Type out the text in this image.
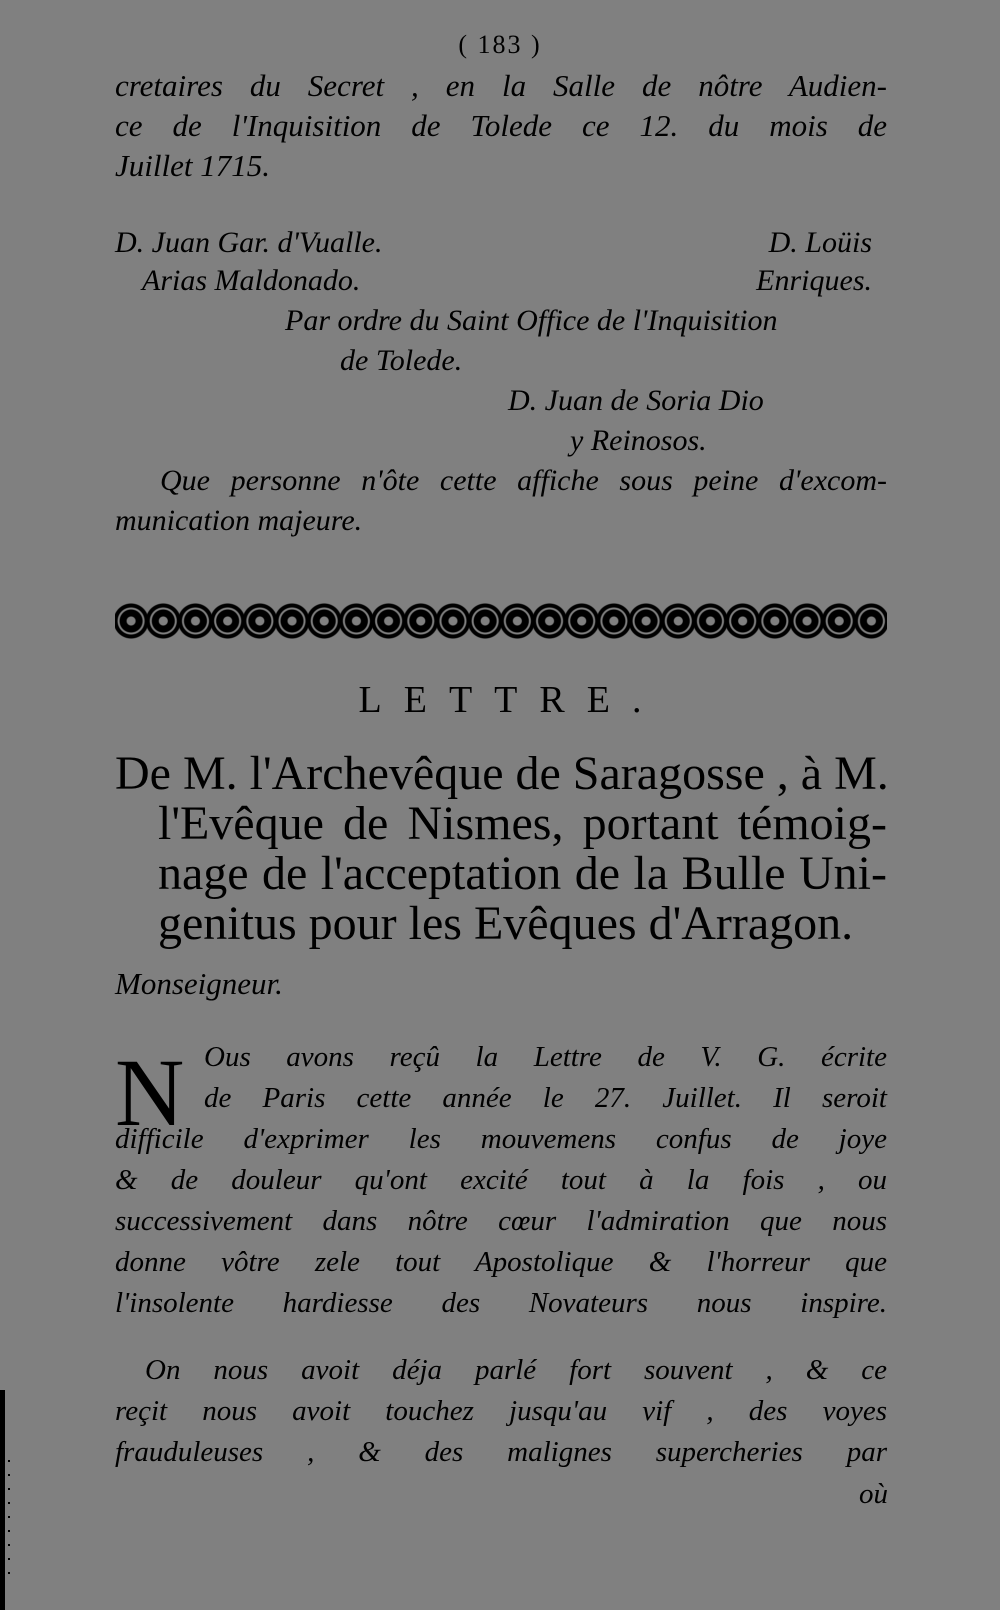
( 183 )
cretaires du Secret , en la Salle de nôtre Audien-
ce de l'Inquisition de Tolede ce 12. du mois de
Juillet 1715.
D. Juan Gar. d'Vualle.
Arias Maldonado.
D. Loüis
Enriques.
Par ordre du Saint Office de l'Inquisition
de Tolede.
D. Juan de Soria Dio
y Reinosos.
Que personne n'ôte cette affiche sous peine d'excom-
munication majeure.
LETTRE.
De M. l'Archevêque de Saragosse , à M.
l'Evêque de Nismes, portant témoig-
nage de l'acceptation de la Bulle Uni-
genitus pour les Evêques d'Arragon.
Monseigneur.
N Ous avons reçû la Lettre de V. G. écrite
de Paris cette année le 27. Juillet. Il seroit
difficile d'exprimer les mouvemens confus de joye
& de douleur qu'ont excité tout à la fois , ou
successivement dans nôtre cœur l'admiration que nous
donne vôtre zele tout Apostolique & l'horreur que
l'insolente hardiesse des Novateurs nous inspire.
On nous avoit déja parlé fort souvent , & ce
reçit nous avoit touchez jusqu'au vif , des voyes
frauduleuses , & des malignes supercheries par
où
